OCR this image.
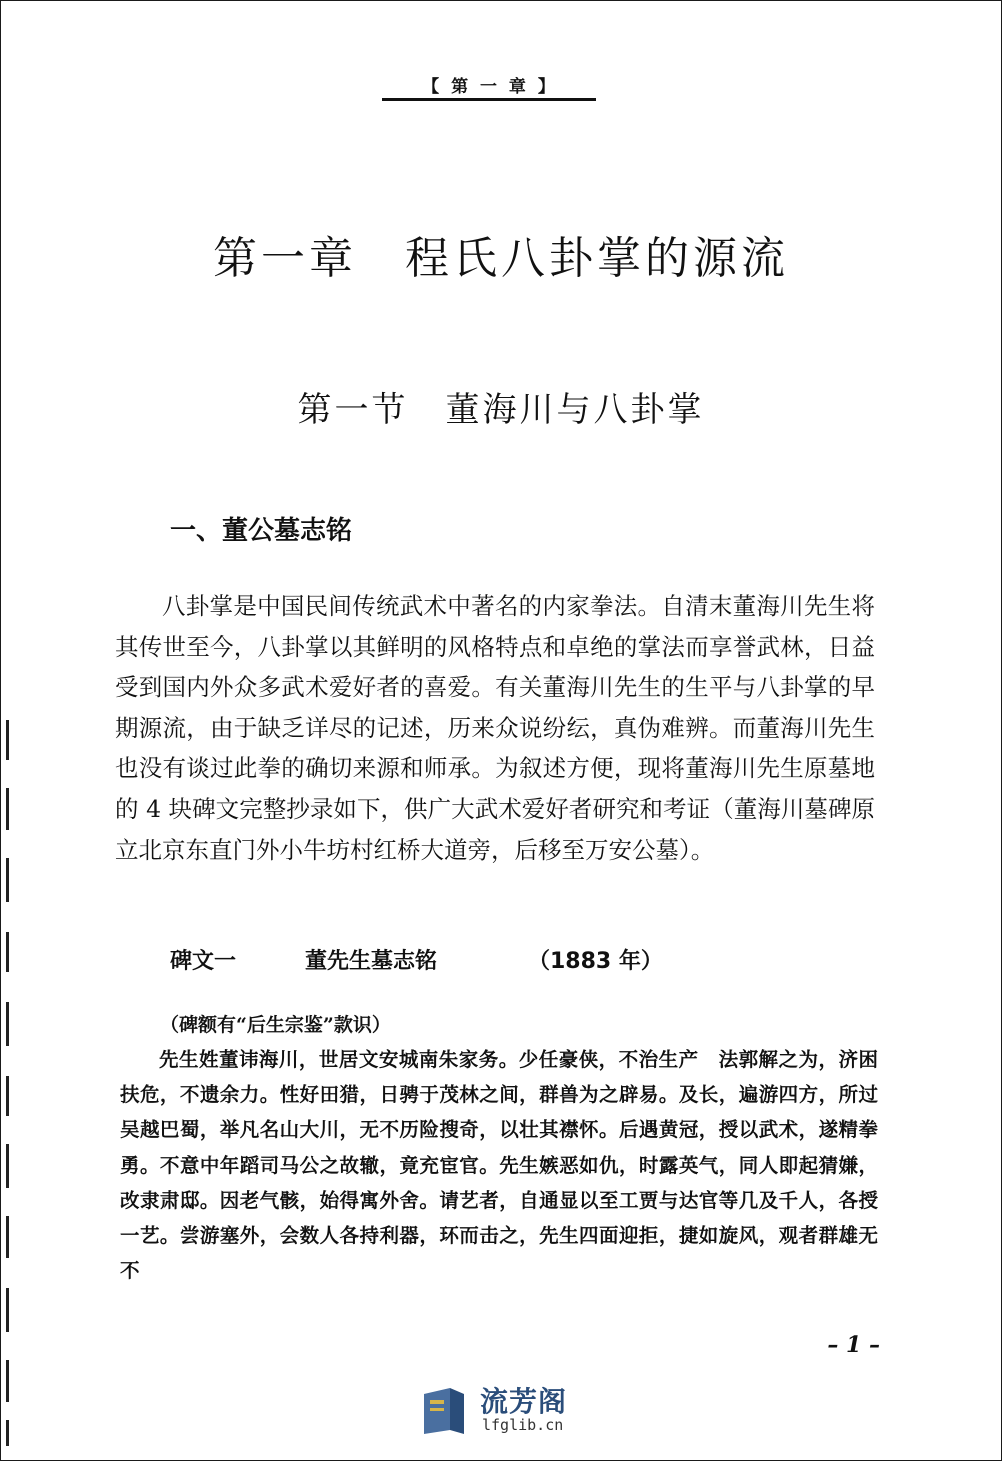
【 第 一 章 】
第一章　程氏八卦掌的源流
第一节　董海川与八卦掌
一、董公墓志铭

八卦掌是中国民间传统武术中著名的内家拳法。自清末董海川先生将其传世至今，八卦掌以其鲜明的风格特点和卓绝的掌法而享誉武林，日益受到国内外众多武术爱好者的喜爱。有关董海川先生的生平与八卦掌的早期源流，由于缺乏详尽的记述，历来众说纷纭，真伪难辨。而董海川先生也没有谈过此拳的确切来源和师承。为叙述方便，现将董海川先生原墓地的 4 块碑文完整抄录如下，供广大武术爱好者研究和考证（董海川墓碑原立北京东直门外小牛坊村红桥大道旁，后移至万安公墓）。

碑文一	董先生墓志铭	（1883 年）

（碑额有“后生宗鉴”款识）

先生姓董讳海川，世居文安城南朱家务。少任豪侠，不治生产　法郭解之为，济困扶危，不遗余力。性好田猎，日骋于茂林之间，群兽为之辟易。及长，遍游四方，所过吴越巴蜀，举凡名山大川，无不历险搜奇，以壮其襟怀。后遇黄冠，授以武术，遂精拳勇。不意中年蹈司马公之故辙，竟充宦官。先生嫉恶如仇，时露英气，同人即起猜嫌，改隶肃邸。因老气骸，始得寓外舍。请艺者，自通显以至工贾与达官等几及千人，各授一艺。尝游塞外，会数人各持利器，环而击之，先生四面迎拒，捷如旋风，观者群雄无不

– 1 –
流芳阁
lfglib.cn
